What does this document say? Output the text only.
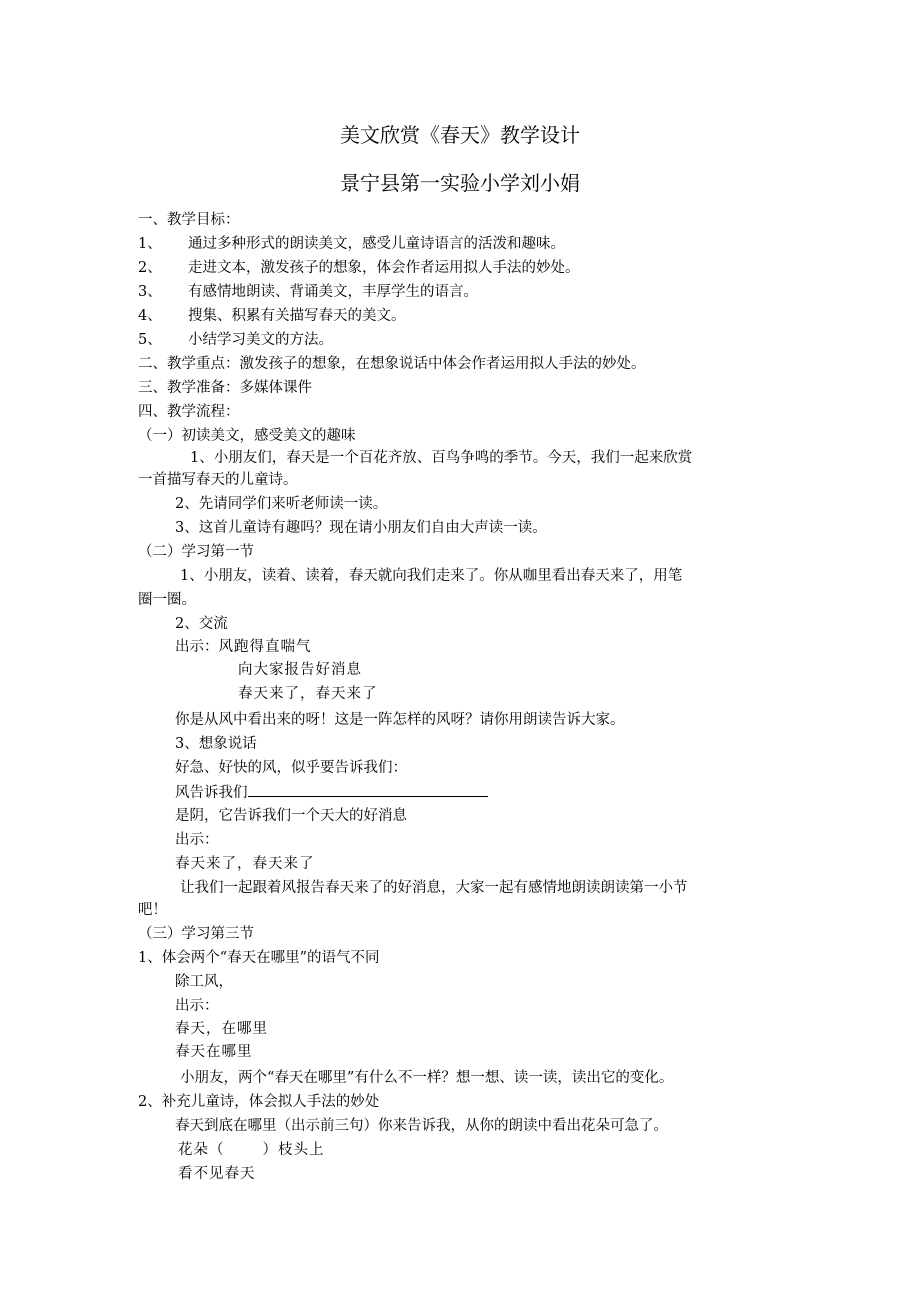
美文欣赏《春天》教学设计
景宁县第一实验小学刘小娟
一、教学目标：
1、 通过多种形式的朗读美文，感受儿童诗语言的活泼和趣味。
2、 走进文本，激发孩子的想象，体会作者运用拟人手法的妙处。
3、 有感情地朗读、背诵美文，丰厚学生的语言。
4、 搜集、积累有关描写春天的美文。
5、 小结学习美文的方法。
二、教学重点：激发孩子的想象，在想象说话中体会作者运用拟人手法的妙处。
三、教学准备：多媒体课件
四、教学流程：
（一）初读美文，感受美文的趣味
1、小朋友们，春天是一个百花齐放、百鸟争鸣的季节。今天，我们一起来欣赏
一首描写春天的儿童诗。
2、先请同学们来听老师读一读。
3、这首儿童诗有趣吗？现在请小朋友们自由大声读一读。
（二）学习第一节
1、小朋友，读着、读着，春天就向我们走来了。你从咖里看出春天来了，用笔
圈一圈。
2、交流
出示：风跑得直喘气
向大家报告好消息
春天来了，春天来了
你是从风中看出来的呀！这是一阵怎样的风呀？请你用朗读告诉大家。
3、想象说话
好急、好快的风，似乎要告诉我们：
风告诉我们
是阴，它告诉我们一个天大的好消息
出示：
春天来了，春天来了
让我们一起跟着风报告春天来了的好消息，大家一起有感情地朗读朗读第一小节
吧！
（三）学习第三节
1、体会两个“春天在哪里”的语气不同
除工风，
出示：
春天，在哪里
春天在哪里
小朋友，两个“春天在哪里”有什么不一样？想一想、读一读，读出它的变化。
2、补充儿童诗，体会拟人手法的妙处
春天到底在哪里（出示前三句）你来告诉我，从你的朗读中看出花朵可急了。
花朵（	）枝头上
看不见春天
